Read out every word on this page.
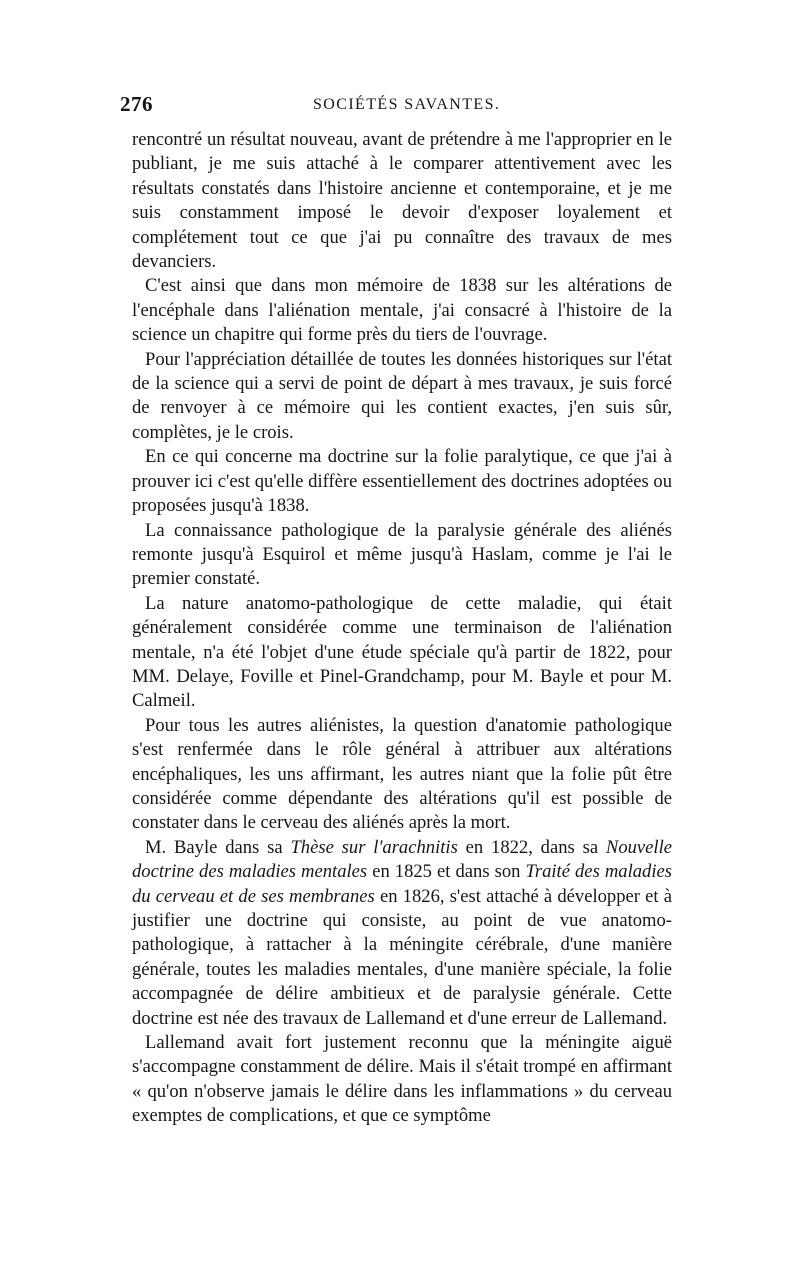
276	SOCIÉTÉS SAVANTES.

rencontré un résultat nouveau, avant de prétendre à me l'approprier en le publiant, je me suis attaché à le comparer attentivement avec les résultats constatés dans l'histoire ancienne et contemporaine, et je me suis constamment imposé le devoir d'exposer loyalement et complétement tout ce que j'ai pu connaître des travaux de mes devanciers.

C'est ainsi que dans mon mémoire de 1838 sur les altérations de l'encéphale dans l'aliénation mentale, j'ai consacré à l'histoire de la science un chapitre qui forme près du tiers de l'ouvrage.

Pour l'appréciation détaillée de toutes les données historiques sur l'état de la science qui a servi de point de départ à mes travaux, je suis forcé de renvoyer à ce mémoire qui les contient exactes, j'en suis sûr, complètes, je le crois.

En ce qui concerne ma doctrine sur la folie paralytique, ce que j'ai à prouver ici c'est qu'elle diffère essentiellement des doctrines adoptées ou proposées jusqu'à 1838.

La connaissance pathologique de la paralysie générale des aliénés remonte jusqu'à Esquirol et même jusqu'à Haslam, comme je l'ai le premier constaté.

La nature anatomo-pathologique de cette maladie, qui était généralement considérée comme une terminaison de l'aliénation mentale, n'a été l'objet d'une étude spéciale qu'à partir de 1822, pour MM. Delaye, Foville et Pinel-Grandchamp, pour M. Bayle et pour M. Calmeil.

Pour tous les autres aliénistes, la question d'anatomie pathologique s'est renfermée dans le rôle général à attribuer aux altérations encéphaliques, les uns affirmant, les autres niant que la folie pût être considérée comme dépendante des altérations qu'il est possible de constater dans le cerveau des aliénés après la mort.

M. Bayle dans sa Thèse sur l'arachnitis en 1822, dans sa Nouvelle doctrine des maladies mentales en 1825 et dans son Traité des maladies du cerveau et de ses membranes en 1826, s'est attaché à développer et à justifier une doctrine qui consiste, au point de vue anatomo-pathologique, à rattacher à la méningite cérébrale, d'une manière générale, toutes les maladies mentales, d'une manière spéciale, la folie accompagnée de délire ambitieux et de paralysie générale. Cette doctrine est née des travaux de Lallemand et d'une erreur de Lallemand.

Lallemand avait fort justement reconnu que la méningite aiguë s'accompagne constamment de délire. Mais il s'était trompé en affirmant « qu'on n'observe jamais le délire dans les inflammations » du cerveau exemptes de complications, et que ce symptôme
